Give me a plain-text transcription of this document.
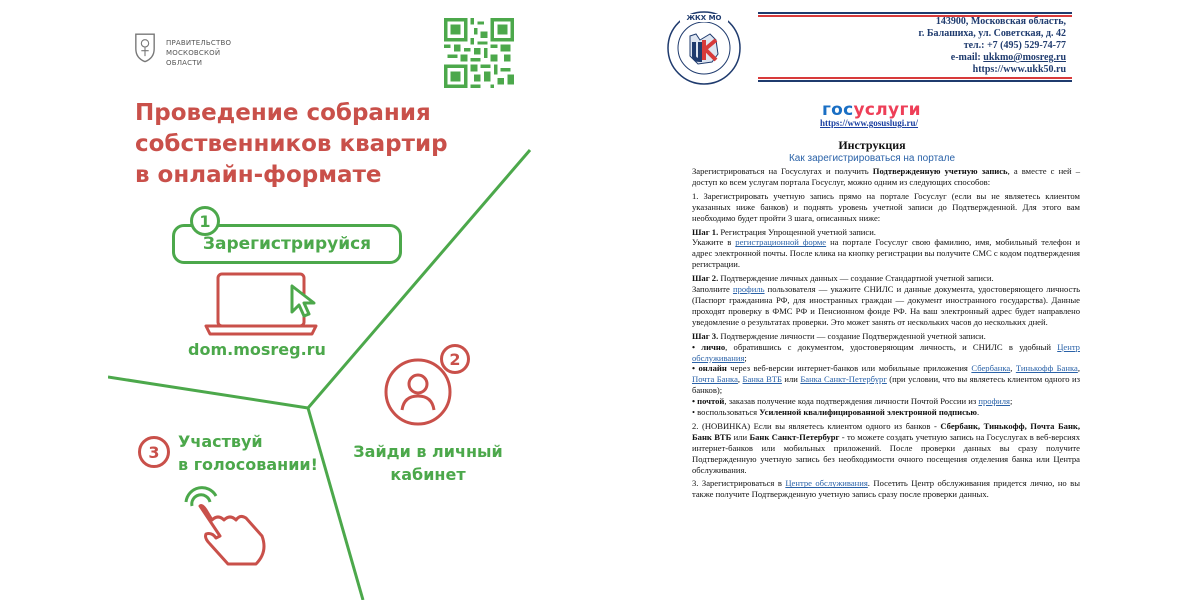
ПРАВИТЕЛЬСТВО
МОСКОВСКОЙ
ОБЛАСТИ
Проведение собрания
собственников квартир
в онлайн-формате
1
Зарегистрируйся
dom.mosreg.ru	2
Зайди в личный
кабинет
3
Участвуй
в голосовании!
ЖКХ МО	143900, Московская область,
г. Балашиха, ул. Советская, д. 42
тел.: +7 (495) 529-74-77
e-mail: ukkmo@mosreg.ru
https://www.ukk50.ru
госуслуги
https://www.gosuslugi.ru/
Инструкция
Как зарегистрироваться на портале

Зарегистрироваться на Госуслугах и получить Подтвержденную учетную запись, а вместе с ней – доступ ко всем услугам портала Госуслуг, можно одним из следующих способов:

1. Зарегистрировать учетную запись прямо на портале Госуслуг (если вы не являетесь клиентом указанных ниже банков) и поднять уровень учетной записи до Подтвержденной. Для этого вам необходимо будет пройти 3 шага, описанных ниже:

Шаг 1. Регистрация Упрощенной учетной записи.
Укажите в регистрационной форме на портале Госуслуг свою фамилию, имя, мобильный телефон и адрес электронной почты. После клика на кнопку регистрации вы получите СМС с кодом подтверждения регистрации.

Шаг 2. Подтверждение личных данных — создание Стандартной учетной записи.
Заполните профиль пользователя — укажите СНИЛС и данные документа, удостоверяющего личность (Паспорт гражданина РФ, для иностранных граждан — документ иностранного государства). Данные проходят проверку в ФМС РФ и Пенсионном фонде РФ. На ваш электронный адрес будет направлено уведомление о результатах проверки. Это может занять от нескольких часов до нескольких дней.

Шаг 3. Подтверждение личности — создание Подтвержденной учетной записи.

• лично, обратившись с документом, удостоверяющим личность, и СНИЛС в удобный Центр обслуживания;

• онлайн через веб-версии интернет-банков или мобильные приложения Сбербанка, Тинькофф Банка, Почта Банка, Банка ВТБ или Банка Санкт-Петербург (при условии, что вы являетесь клиентом одного из банков);

• почтой, заказав получение кода подтверждения личности Почтой России из профиля;

• воспользоваться Усиленной квалифицированной электронной подписью.

2. (НОВИНКА) Если вы являетесь клиентом одного из банков - Сбербанк, Тинькофф, Почта Банк, Банк ВТБ или Банк Санкт-Петербург - то можете создать учетную запись на Госуслугах в веб-версиях интернет-банков или мобильных приложений. После проверки данных вы сразу получите Подтвержденную учетную запись без необходимости очного посещения отделения банка или Центра обслуживания.

3. Зарегистрироваться в Центре обслуживания. Посетить Центр обслуживания придется лично, но вы также получите Подтвержденную учетную запись сразу после проверки данных.
